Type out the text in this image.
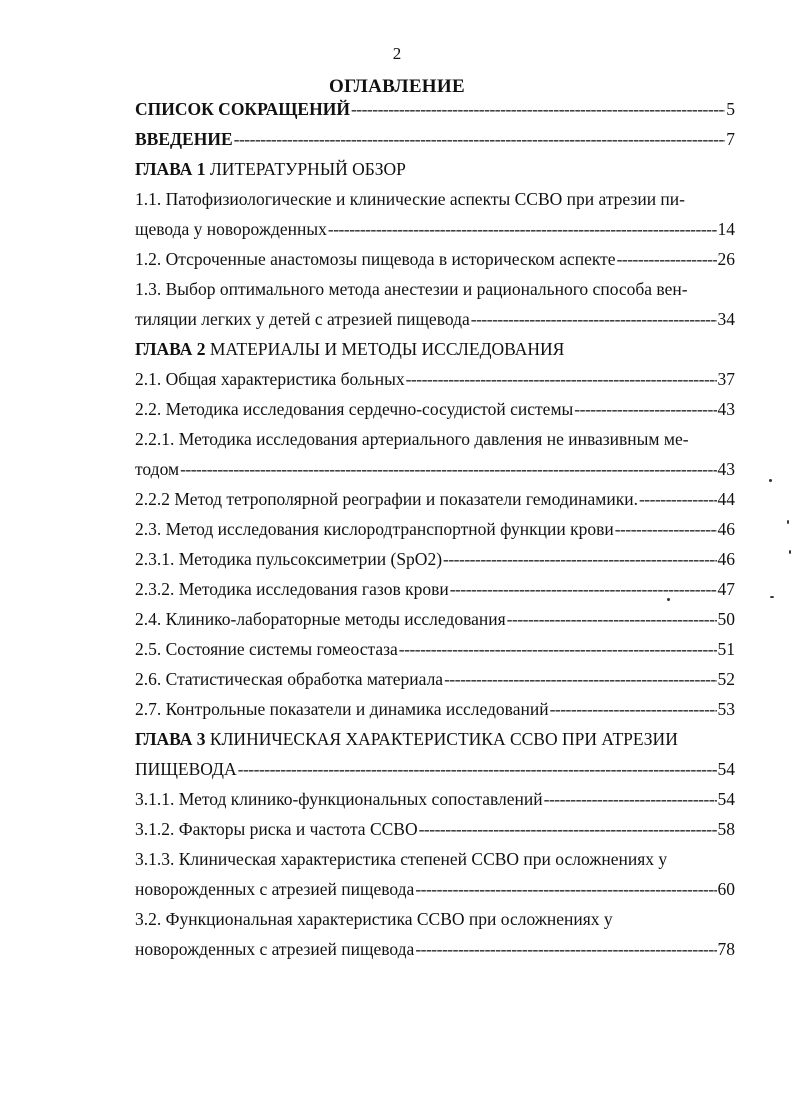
2
ОГЛАВЛЕНИЕ
СПИСОК СОКРАЩЕНИЙ -----	5
ВВЕДЕНИЕ -----	7
ГЛАВА 1 ЛИТЕРАТУРНЫЙ ОБЗОР
1.1. Патофизиологические и клинические аспекты ССВО при атрезии пи-
щевода у новорожденных -----	14
1.2. Отсроченные анастомозы пищевода в историческом аспекте -----	26
1.3. Выбор оптимального метода анестезии и рационального способа вен-
тиляции легких у детей с атрезией пищевода -----	34
ГЛАВА 2 МАТЕРИАЛЫ И МЕТОДЫ ИССЛЕДОВАНИЯ
2.1. Общая характеристика больных -----	37
2.2. Методика исследования сердечно-сосудистой системы -----	43
2.2.1. Методика исследования артериального давления не инвазивным ме-
тодом -----	43
2.2.2 Метод тетрополярной реографии и показатели гемодинамики. -----	44
2.3. Метод исследования кислородтранспортной функции крови -----	46
2.3.1. Методика пульсоксиметрии (SpO2) -----	46
2.3.2. Методика исследования газов крови -----	47
2.4. Клинико-лабораторные методы исследования -----	50
2.5. Состояние системы гомеостаза -----	51
2.6. Статистическая обработка материала -----	52
2.7. Контрольные показатели и динамика исследований -----	53
ГЛАВА 3 КЛИНИЧЕСКАЯ ХАРАКТЕРИСТИКА ССВО ПРИ АТРЕЗИИ
ПИЩЕВОДА -----	54
3.1.1. Метод клинико-функциональных сопоставлений -----	54
3.1.2. Факторы риска и частота ССВО -----	58
3.1.3. Клиническая характеристика степеней ССВО при осложнениях у
новорожденных с атрезией пищевода -----	60
3.2. Функциональная характеристика ССВО при осложнениях у
новорожденных с атрезией пищевода -----	78
